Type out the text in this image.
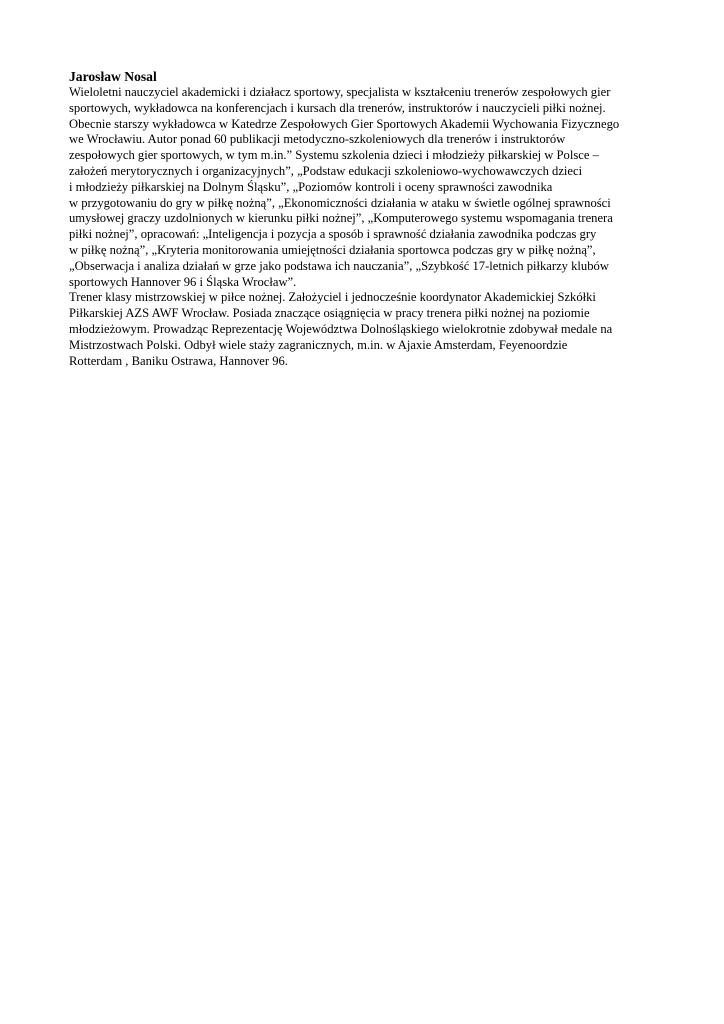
Jarosław Nosal
Wieloletni nauczyciel akademicki i działacz sportowy, specjalista w kształceniu trenerów zespołowych gier
sportowych, wykładowca na konferencjach i kursach dla trenerów, instruktorów i nauczycieli piłki nożnej.
Obecnie starszy wykładowca w Katedrze Zespołowych Gier Sportowych Akademii Wychowania Fizycznego
we Wrocławiu. Autor ponad 60 publikacji metodyczno-szkoleniowych dla trenerów i instruktorów
zespołowych gier sportowych, w tym m.in.” Systemu szkolenia dzieci i młodzieży piłkarskiej w Polsce –
założeń merytorycznych i organizacyjnych”, „Podstaw edukacji szkoleniowo-wychowawczych dzieci
i młodzieży piłkarskiej na Dolnym Śląsku”, „Poziomów kontroli i oceny sprawności zawodnika
w przygotowaniu do gry w piłkę nożną”, „Ekonomiczności działania w ataku w świetle ogólnej sprawności
umysłowej graczy uzdolnionych w kierunku piłki nożnej”, „Komputerowego systemu wspomagania trenera
piłki nożnej”, opracowań: „Inteligencja i pozycja a sposób i sprawność działania zawodnika podczas gry
w piłkę nożną”, „Kryteria monitorowania umiejętności działania sportowca podczas gry w piłkę nożną”,
„Obserwacja i analiza działań w grze jako podstawa ich nauczania”, „Szybkość 17-letnich piłkarzy klubów
sportowych Hannover 96 i Śląska Wrocław”.
Trener klasy mistrzowskiej w piłce nożnej. Założyciel i jednocześnie koordynator Akademickiej Szkółki
Piłkarskiej AZS AWF Wrocław. Posiada znaczące osiągnięcia w pracy trenera piłki nożnej na poziomie
młodzieżowym. Prowadząc Reprezentację Województwa Dolnośląskiego wielokrotnie zdobywał medale na
Mistrzostwach Polski. Odbył wiele staży zagranicznych, m.in. w Ajaxie Amsterdam, Feyenoordzie
Rotterdam , Baniku Ostrawa, Hannover 96.
